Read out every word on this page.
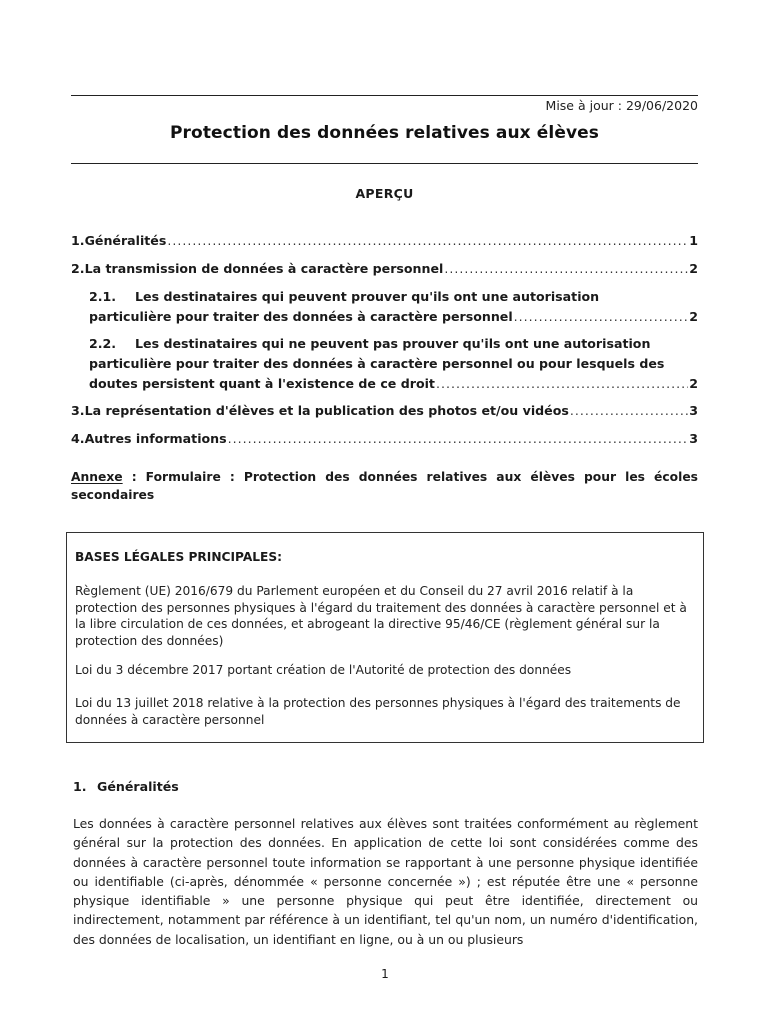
Mise à jour : 29/06/2020
Protection des données relatives aux élèves
APERÇU
1. Généralités .....	1
2. La transmission de données à caractère personnel .....	2
2.1. Les destinataires qui peuvent prouver qu'ils ont une autorisation
particulière pour traiter des données à caractère personnel .....	2
2.2. Les destinataires qui ne peuvent pas prouver qu'ils ont une autorisation
particulière pour traiter des données à caractère personnel ou pour lesquels des
doutes persistent quant à l'existence de ce droit .....	2
3. La représentation d'élèves et la publication des photos et/ou vidéos .....	3
4. Autres informations .....	3
Annexe : Formulaire : Protection des données relatives aux élèves pour les écoles secondaires
BASES LÉGALES PRINCIPALES:

Règlement (UE) 2016/679 du Parlement européen et du Conseil du 27 avril 2016 relatif à la protection des personnes physiques à l'égard du traitement des données à caractère personnel et à la libre circulation de ces données, et abrogeant la directive 95/46/CE (règlement général sur la protection des données)

Loi du 3 décembre 2017 portant création de l'Autorité de protection des données

Loi du 13 juillet 2018 relative à la protection des personnes physiques à l'égard des traitements de données à caractère personnel

1. Généralités

Les données à caractère personnel relatives aux élèves sont traitées conformément au règlement général sur la protection des données. En application de cette loi sont considérées comme des données à caractère personnel toute information se rapportant à une personne physique identifiée ou identifiable (ci-après, dénommée « personne concernée ») ; est réputée être une « personne physique identifiable » une personne physique qui peut être identifiée, directement ou indirectement, notamment par référence à un identifiant, tel qu'un nom, un numéro d'identification, des données de localisation, un identifiant en ligne, ou à un ou plusieurs

1
